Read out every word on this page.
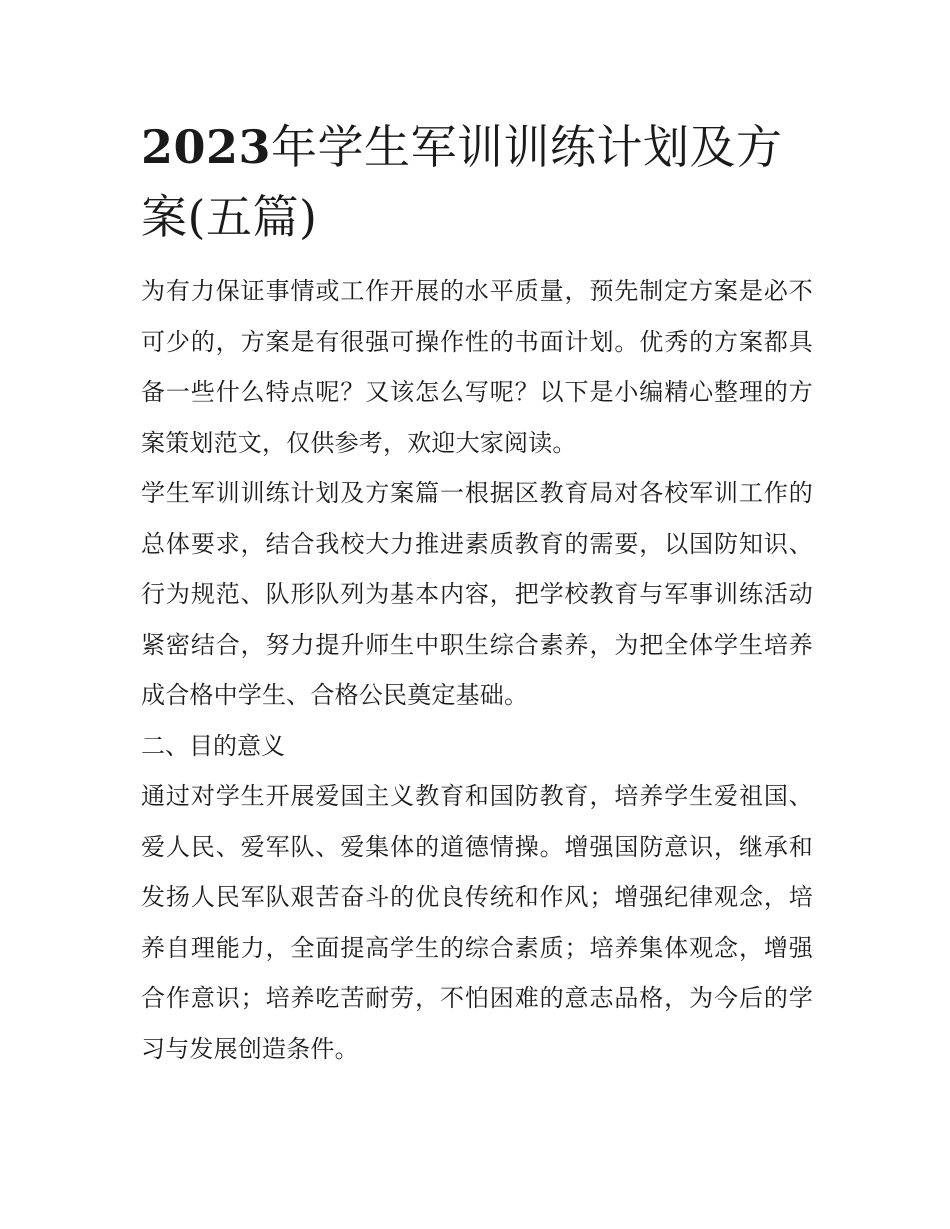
2023年学生军训训练计划及方案(五篇)

为有力保证事情或工作开展的水平质量，预先制定方案是必不可少的，方案是有很强可操作性的书面计划。优秀的方案都具备一些什么特点呢？又该怎么写呢？以下是小编精心整理的方案策划范文，仅供参考，欢迎大家阅读。

学生军训训练计划及方案篇一根据区教育局对各校军训工作的总体要求，结合我校大力推进素质教育的需要，以国防知识、行为规范、队形队列为基本内容，把学校教育与军事训练活动紧密结合，努力提升师生中职生综合素养，为把全体学生培养成合格中学生、合格公民奠定基础。

二、目的意义

通过对学生开展爱国主义教育和国防教育，培养学生爱祖国、爱人民、爱军队、爱集体的道德情操。增强国防意识，继承和发扬人民军队艰苦奋斗的优良传统和作风；增强纪律观念，培养自理能力，全面提高学生的综合素质；培养集体观念，增强合作意识；培养吃苦耐劳，不怕困难的意志品格，为今后的学习与发展创造条件。
